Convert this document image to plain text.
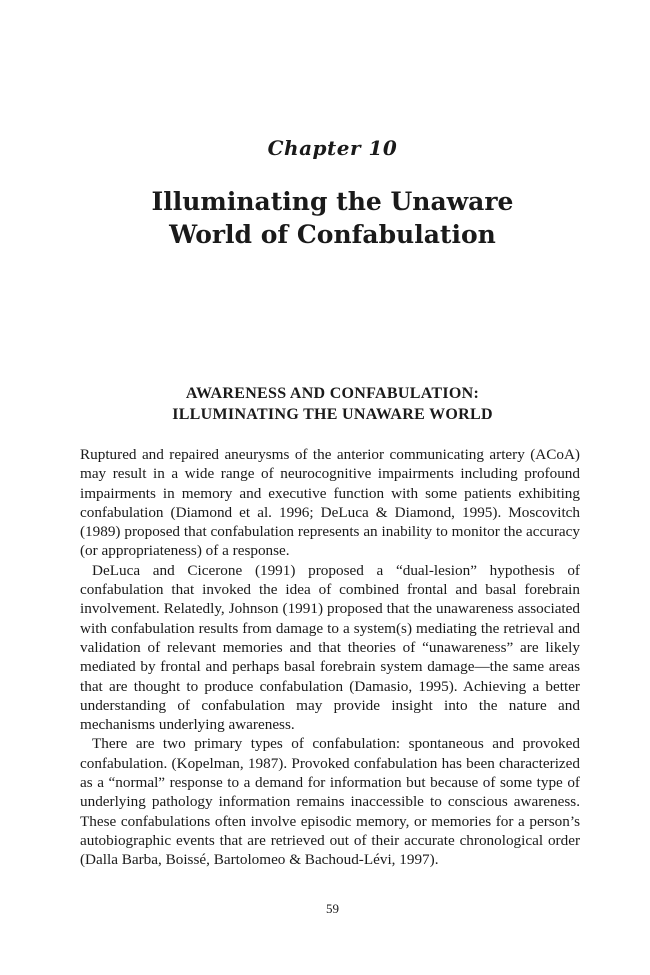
Chapter 10
Illuminating the Unaware
World of Confabulation
AWARENESS AND CONFABULATION:
ILLUMINATING THE UNAWARE WORLD

Ruptured and repaired aneurysms of the anterior communicating artery (ACoA) may result in a wide range of neurocognitive impairments including profound impairments in memory and executive function with some patients exhibiting confabulation (Diamond et al. 1996; DeLuca & Diamond, 1995). Moscovitch (1989) proposed that confabulation represents an inability to monitor the accuracy (or appropriateness) of a response.

DeLuca and Cicerone (1991) proposed a “dual-lesion” hypothesis of confabulation that invoked the idea of combined frontal and basal forebrain involvement. Relatedly, Johnson (1991) proposed that the unawareness associated with confabulation results from damage to a system(s) mediating the retrieval and validation of relevant memories and that theories of “unawareness” are likely mediated by frontal and perhaps basal forebrain system damage—the same areas that are thought to produce confabulation (Damasio, 1995). Achieving a better understanding of confabulation may provide insight into the nature and mechanisms underlying awareness.

There are two primary types of confabulation: spontaneous and provoked confabulation. (Kopelman, 1987). Provoked confabulation has been characterized as a “normal” response to a demand for information but because of some type of underlying pathology information remains inaccessible to conscious awareness. These confabulations often involve episodic memory, or memories for a person’s autobiographic events that are retrieved out of their accurate chronological order (Dalla Barba, Boissé, Bartolomeo & Bachoud-Lévi, 1997).

59
